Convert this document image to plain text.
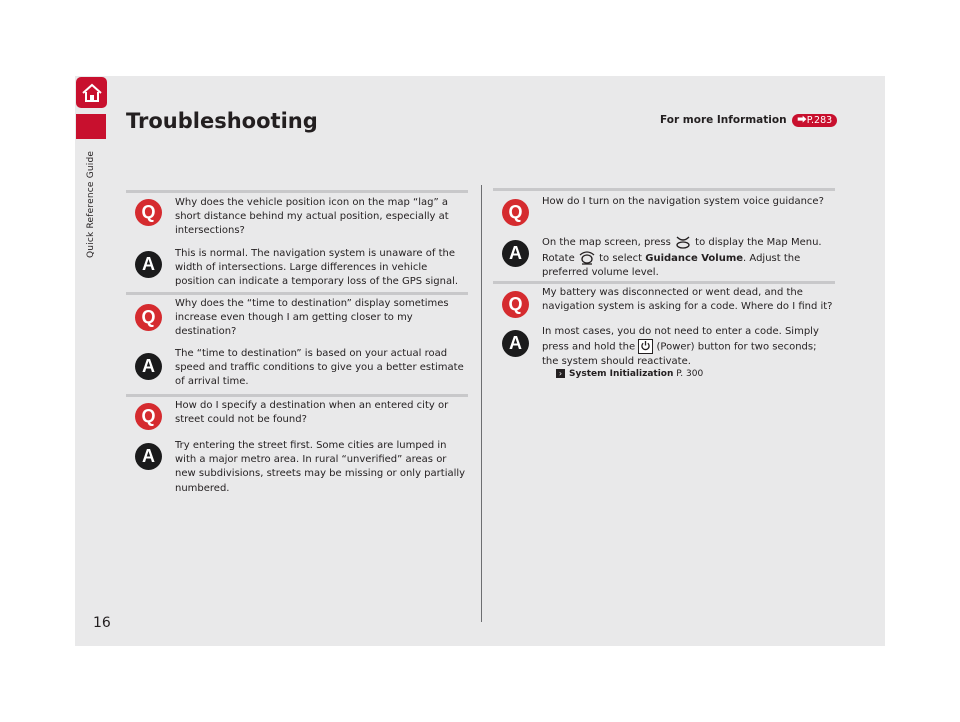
Quick Reference Guide
Troubleshooting	For more Information ⮕P.283
Q	Why does the vehicle position icon on the map “lag” a short distance behind my actual position, especially at intersections?
A
This is normal. The navigation system is unaware of the width of intersections. Large differences in vehicle position can indicate a temporary loss of the GPS signal.
Q
Why does the “time to destination” display sometimes increase even though I am getting closer to my destination?
A
The “time to destination” is based on your actual road speed and traffic conditions to give you a better estimate of arrival time.
Q
How do I specify a destination when an entered city or street could not be found?
A
Try entering the street first. Some cities are lumped in with a major metro area. In rural “unverified” areas or new subdivisions, streets may be missing or only partially numbered.
Q
How do I turn on the navigation system voice guidance?
A
On the map screen, press to display the Map Menu.
Rotate to select Guidance Volume. Adjust the preferred volume level.
Q
My battery was disconnected or went dead, and the navigation system is asking for a code. Where do I find it?
A
In most cases, you do not need to enter a code. Simply press and hold the (Power) button for two seconds; the system should reactivate.
› System Initialization P. 300
16
